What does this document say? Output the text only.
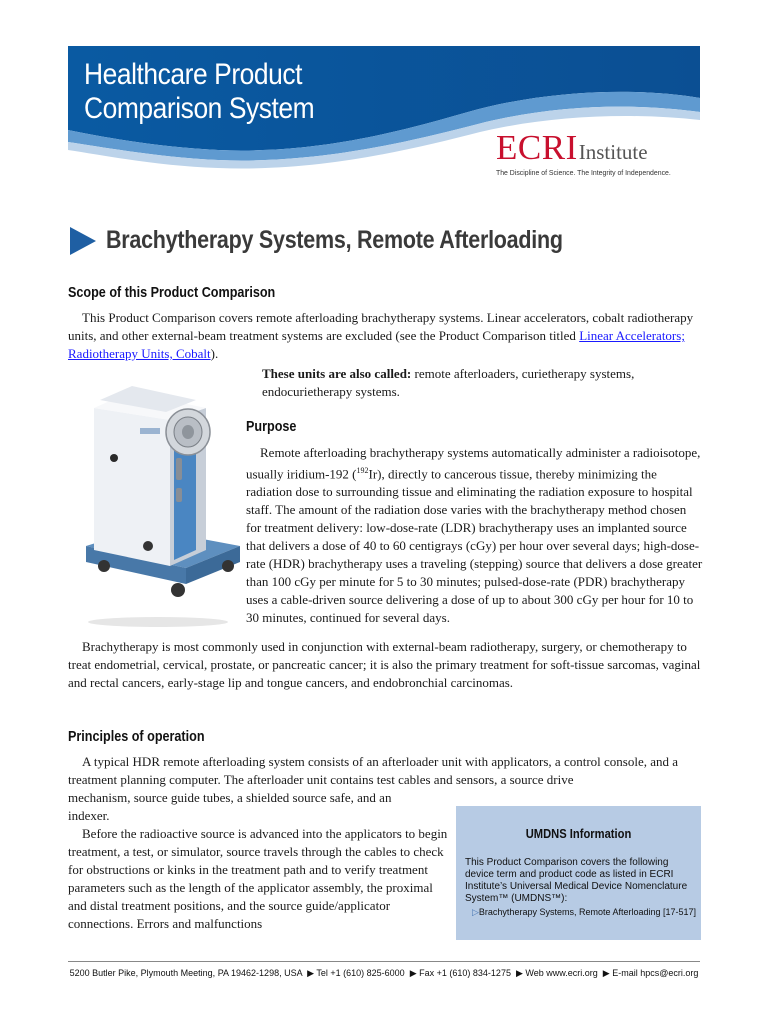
Healthcare Product
Comparison System
ECRI Institute
The Discipline of Science. The Integrity of Independence.
Brachytherapy Systems, Remote Afterloading
Scope of this Product Comparison

This Product Comparison covers remote afterloading brachytherapy systems. Linear accelerators, cobalt radiotherapy units, and other external-beam treatment systems are excluded (see the Product Comparison titled Linear Accelerators; Radiotherapy Units, Cobalt).

These units are also called: remote afterloaders, curietherapy systems, endocurietherapy systems.

Purpose

Remote afterloading brachytherapy systems automatically administer a radioisotope, usually iridium-192 ($^{192}$Ir), directly to cancerous tissue, thereby minimizing the radiation dose to surrounding tissue and eliminating the radiation exposure to hospital staff. The amount of the radiation dose varies with the brachytherapy method chosen for treatment delivery: low-dose-rate (LDR) brachytherapy uses an implanted source that delivers a dose of 40 to 60 centigrays (cGy) per hour over several days; high-dose-rate (HDR) brachytherapy uses a traveling (stepping) source that delivers a dose greater than 100 cGy per minute for 5 to 30 minutes; pulsed-dose-rate (PDR) brachytherapy uses a cable-driven source delivering a dose of up to about 300 cGy per hour for 10 to 30 minutes, continued for several days.

Brachytherapy is most commonly used in conjunction with external-beam radiotherapy, surgery, or chemotherapy to treat endometrial, cervical, prostate, or pancreatic cancer; it is also the primary treatment for soft-tissue sarcomas, vaginal and rectal cancers, early-stage lip and tongue cancers, and endobronchial carcinomas.

Principles of operation

A typical HDR remote afterloading system consists of an afterloader unit with applicators, a control console, and a treatment planning computer. The afterloader unit contains test cables and sensors, a source drive

mechanism, source guide tubes, a shielded source safe, and an indexer.

Before the radioactive source is advanced into the applicators to begin treatment, a test, or simulator, source travels through the cables to check for obstructions or kinks in the treatment path and to verify treatment parameters such as the length of the applicator assembly, the proximal and distal treatment positions, and the source guide/applicator connections. Errors and malfunctions

UMDNS Information

This Product Comparison covers the following device term and product code as listed in ECRI Institute’s Universal Medical Device Nomenclature System™ (UMDNS™):

▷Brachytherapy Systems, Remote Afterloading [17-517]

5200 Butler Pike, Plymouth Meeting, PA 19462-1298, USA ▶ Tel +1 (610) 825-6000 ▶ Fax +1 (610) 834-1275 ▶ Web www.ecri.org ▶ E-mail hpcs@ecri.org
